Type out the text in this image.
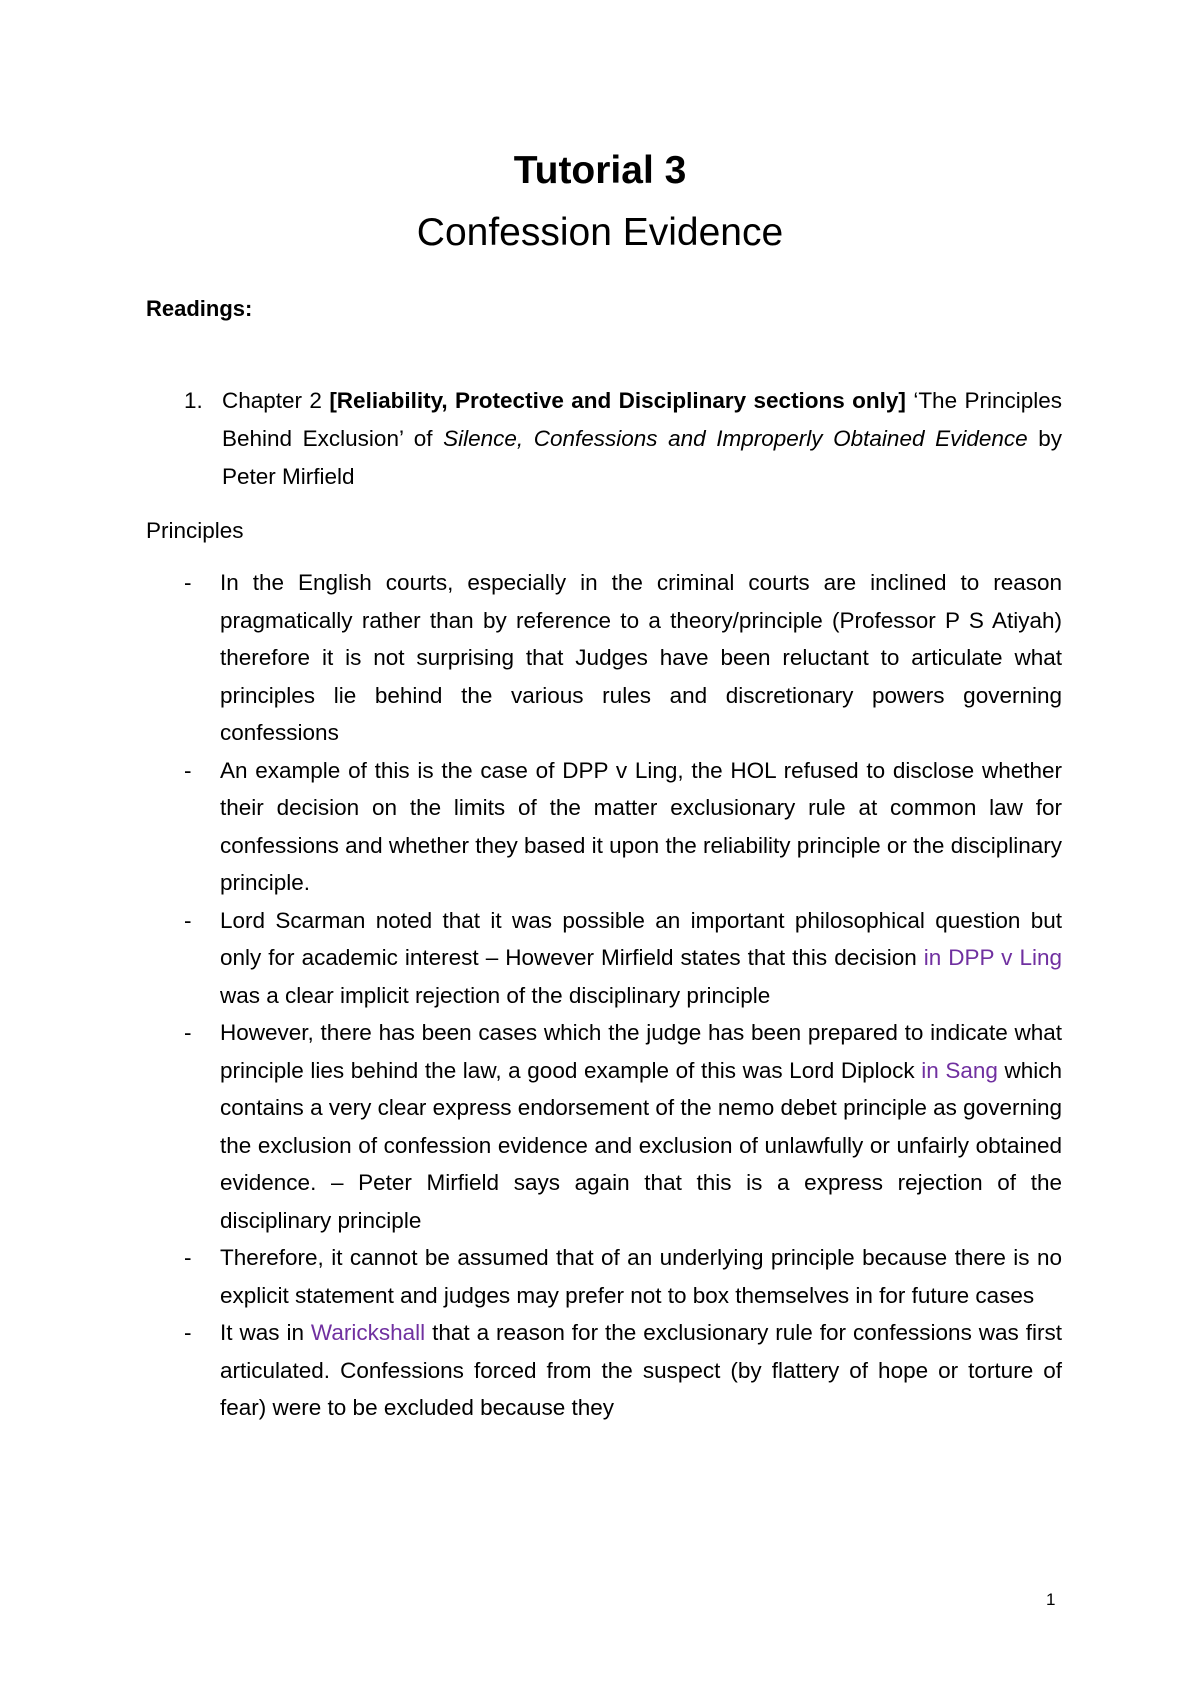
Tutorial 3
Confession Evidence
Readings:
1. Chapter 2 [Reliability, Protective and Disciplinary sections only] ‘The Principles Behind Exclusion’ of Silence, Confessions and Improperly Obtained Evidence by Peter Mirfield
Principles
- In the English courts, especially in the criminal courts are inclined to reason pragmatically rather than by reference to a theory/principle (Professor P S Atiyah) therefore it is not surprising that Judges have been reluctant to articulate what principles lie behind the various rules and discretionary powers governing confessions
- An example of this is the case of DPP v Ling, the HOL refused to disclose whether their decision on the limits of the matter exclusionary rule at common law for confessions and whether they based it upon the reliability principle or the disciplinary principle.
- Lord Scarman noted that it was possible an important philosophical question but only for academic interest – However Mirfield states that this decision in DPP v Ling was a clear implicit rejection of the disciplinary principle
- However, there has been cases which the judge has been prepared to indicate what principle lies behind the law, a good example of this was Lord Diplock in Sang which contains a very clear express endorsement of the nemo debet principle as governing the exclusion of confession evidence and exclusion of unlawfully or unfairly obtained evidence. – Peter Mirfield says again that this is a express rejection of the disciplinary principle
- Therefore, it cannot be assumed that of an underlying principle because there is no explicit statement and judges may prefer not to box themselves in for future cases
- It was in Warickshall that a reason for the exclusionary rule for confessions was first articulated. Confessions forced from the suspect (by flattery of hope or torture of fear) were to be excluded because they
1
